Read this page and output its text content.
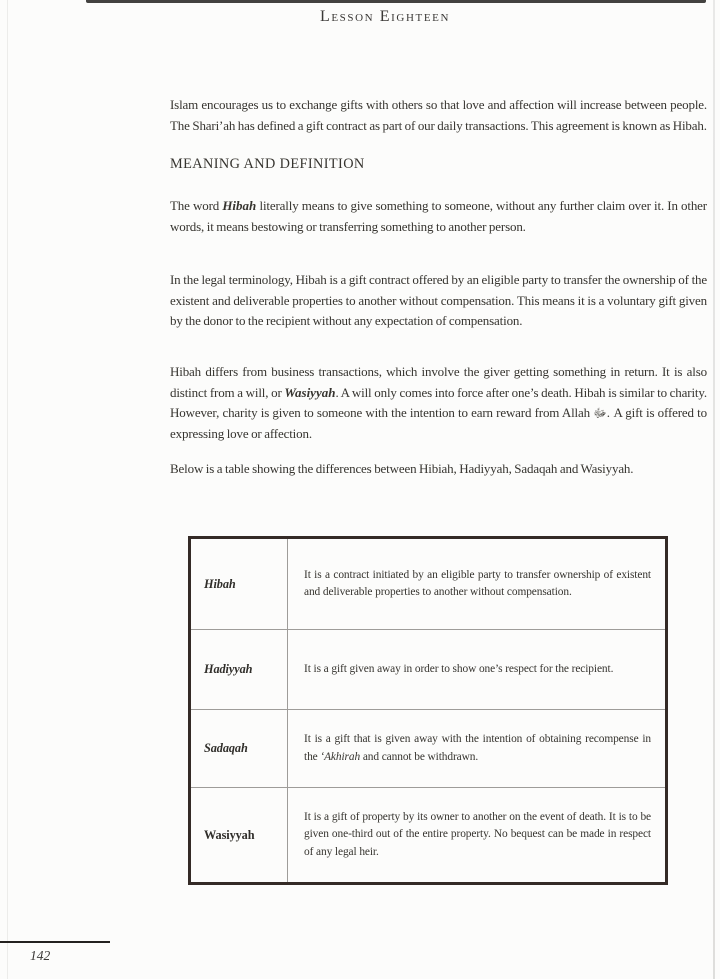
Lesson Eighteen

Islam encourages us to exchange gifts with others so that love and affection will increase between people. The Shari’ah has defined a gift contract as part of our daily transactions. This agreement is known as Hibah.

MEANING AND DEFINITION

The word Hibah literally means to give something to someone, without any further claim over it. In other words, it means bestowing or transferring something to another person.

In the legal terminology, Hibah is a gift contract offered by an eligible party to transfer the ownership of the existent and deliverable properties to another without compensation. This means it is a voluntary gift given by the donor to the recipient without any expectation of compensation.

Hibah differs from business transactions, which involve the giver getting something in return. It is also distinct from a will, or Wasiyyah. A will only comes into force after one’s death. Hibah is similar to charity. However, charity is given to someone with the intention to earn reward from Allah ﷻ. A gift is offered to expressing love or affection.

Below is a table showing the differences between Hibiah, Hadiyyah, Sadaqah and Wasiyyah.

Hibah	It is a contract initiated by an eligible party to transfer ownership of existent and deliverable properties to another without compensation.
Hadiyyah	It is a gift given away in order to show one’s respect for the recipient.
Sadaqah	It is a gift that is given away with the intention of obtaining recompense in the ‘Akhirah and cannot be withdrawn.
Wasiyyah	It is a gift of property by its owner to another on the event of death. It is to be given one-third out of the entire property. No bequest can be made in respect of any legal heir.
142
